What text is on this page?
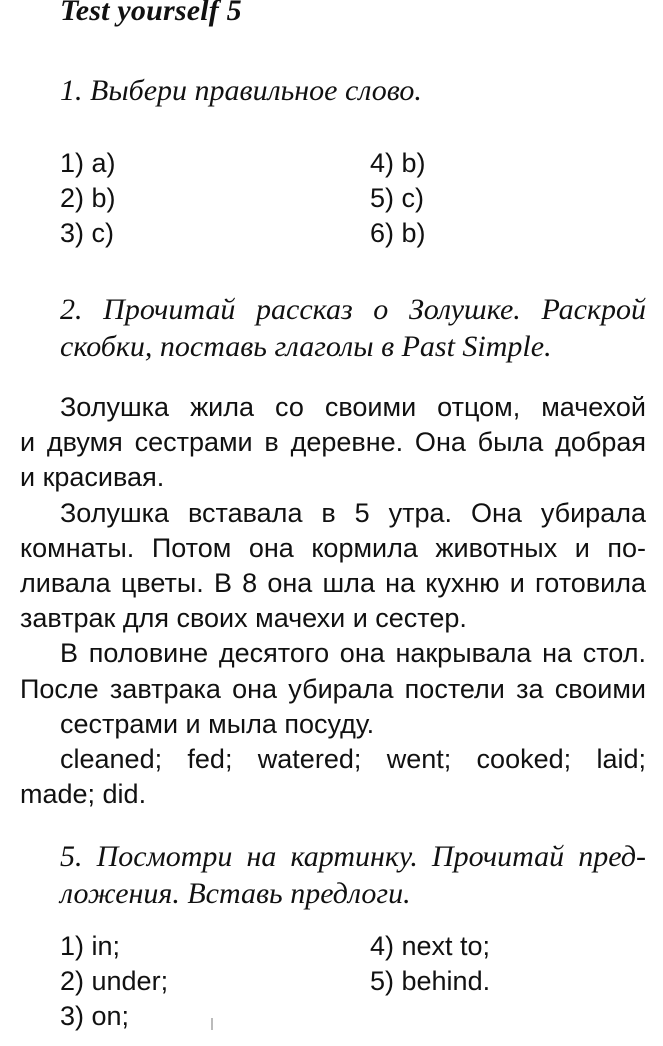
Test yourself 5
1. Выбери правильное слово.
1) a)
2) b)
3) c)
4) b)
5) c)
6) b)
2. Прочитай рассказ о Золушке. Раскрой
скобки, поставь глаголы в Past Simple.
Золушка жила со своими отцом, мачехой
и двумя сестрами в деревне. Она была добрая
и красивая.
Золушка вставала в 5 утра. Она убирала
комнаты. Потом она кормила животных и по-
ливала цветы. В 8 она шла на кухню и готовила
завтрак для своих мачехи и сестер.
В половине десятого она накрывала на стол.
После завтрака она убирала постели за своими
сестрами и мыла посуду.
cleaned; fed; watered; went; cooked; laid;
made; did.
5. Посмотри на картинку. Прочитай пред-
ложения. Вставь предлоги.
1) in;
2) under;
3) on;
4) next to;
5) behind.
